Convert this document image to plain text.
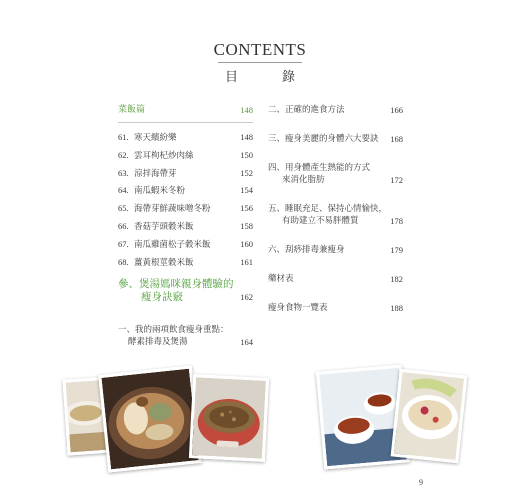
CONTENTS
目錄
菜飯篇	148
61. 寒天繽紛樂	148
62. 雲耳枸杞炒肉絲	150
63. 涼拌海帶芽	152
64. 南瓜蝦米冬粉	154
65. 海帶芽鮮蔬味噌冬粉	156
66. 香菇芋頭穀米飯	158
67. 南瓜雞菌松子穀米飯	160
68. 薑黃根莖穀米飯	161
參、煲湯媽咪親身體驗的
瘦身訣竅	162
一、我的兩項飲食瘦身重點：
酵素排毒及煲湯	164
二、正確的進食方法	166
三、瘦身美麗的身體六大要訣	168
四、用身體產生熱能的方式
來消化脂肪	172
五、睡眠充足、保持心情愉快，
有助建立不易胖體質	178
六、刮痧排毒兼瘦身	179
藥材表	182
瘦身食物一覽表	188
9
